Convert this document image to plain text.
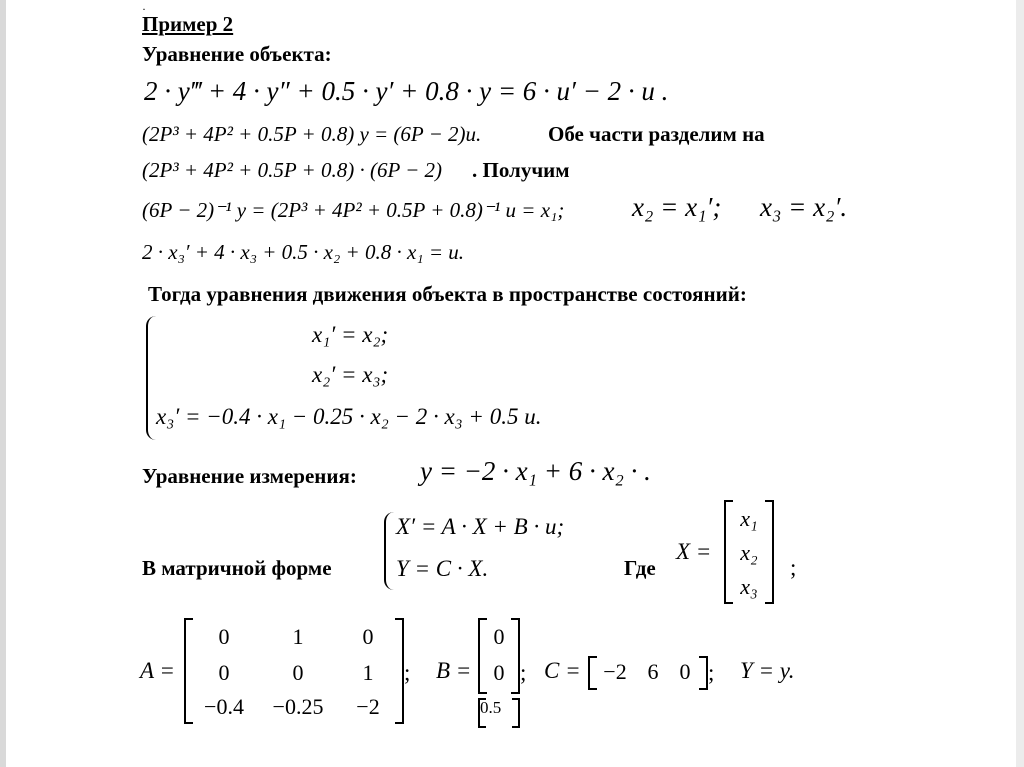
·
Пример 2
Уравнение объекта:
2 · y‴ + 4 · y″ + 0.5 · y′ + 0.8 · y = 6 · u′ − 2 · u .
(2P³ + 4P² + 0.5P + 0.8) y = (6P − 2)u.	Обе части разделим на
(2P³ + 4P² + 0.5P + 0.8) · (6P − 2) . Получим
(6P − 2)⁻¹ y = (2P³ + 4P² + 0.5P + 0.8)⁻¹ u = x₁;	x₂ = x₁′; x₃ = x₂′.
2 · x₃′ + 4 · x₃ + 0.5 · x₂ + 0.8 · x₁ = u.
Тогда уравнения движения объекта в пространстве состояний:
x₁′ = x₂;
x₂′ = x₃;
x₃′ = −0.4 · x₁ − 0.25 · x₂ − 2 · x₃ + 0.5 u.
Уравнение измерения: y = −2 · x₁ + 6 · x₂ · .
В матричной форме
X′ = A · X + B · u;
Y = C · X.	Где
X =
x₁
x₂
x₃
;
A =
0	1	0
0	0	1
−0.4	−0.25	−2
; B =
0
0
0.5
; C =	−2 6 0 ; Y = y.
